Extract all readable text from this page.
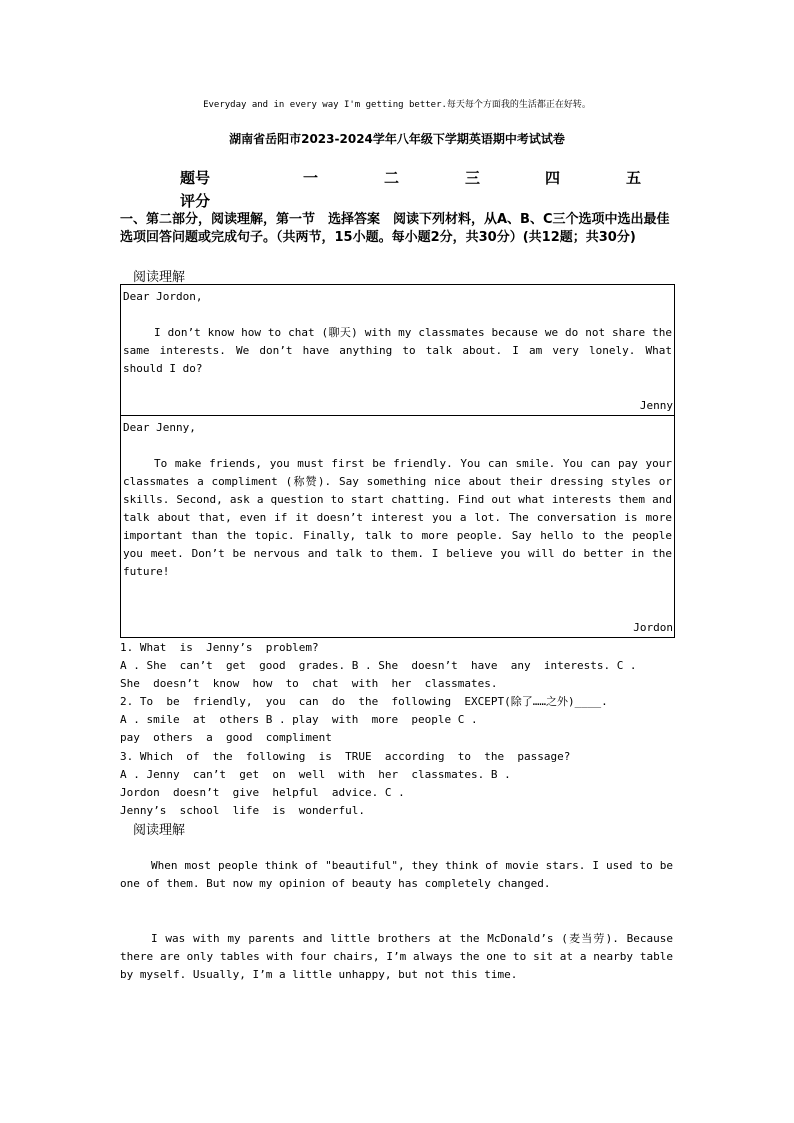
Everyday and in every way I'm getting better.每天每个方面我的生活都正在好转。
湖南省岳阳市2023-2024学年八年级下学期英语期中考试试卷
题号	一	二	三	四	五
评分
一、第二部分，阅读理解，第一节　选择答案　阅读下列材料，从A、B、C三个选项中选出最佳选项回答问题或完成句子。（共两节，15小题。每小题2分，共30分）(共12题；共30分)
阅读理解
Dear Jordon,
I don’t know how to chat (聊天) with my classmates because we do not share the same interests. We don’t have anything to talk about. I am very lonely. What should I do?
Jenny
Dear Jenny,
To make friends, you must first be friendly. You can smile. You can pay your classmates a compliment (称赞). Say something nice about their dressing styles or skills. Second, ask a question to start chatting. Find out what interests them and talk about that, even if it doesn’t interest you a lot. The conversation is more important than the topic. Finally, talk to more people. Say hello to the people you meet. Don’t be nervous and talk to them. I believe you will do better in the future!
Jordon
1. What  is  Jenny’s  problem?
A . She  can’t  get  good  grades. B . She  doesn’t  have  any  interests. C .
She  doesn’t  know  how  to  chat  with  her  classmates.
2. To  be  friendly,  you  can  do  the  following  EXCEPT(除了……之外)____.
A . smile  at  others B . play  with  more  people C .
pay  others  a  good  compliment
3. Which  of  the  following  is  TRUE  according  to  the  passage?
A . Jenny  can’t  get  on  well  with  her  classmates. B .
Jordon  doesn’t  give  helpful  advice. C .
Jenny’s  school  life  is  wonderful.
阅读理解
When most people think of "beautiful", they think of movie stars. I used to be one of them. But now my opinion of beauty has completely changed.
I was with my parents and little brothers at the McDonald’s (麦当劳). Because there are only tables with four chairs, I’m always the one to sit at a nearby table by myself. Usually, I’m a little unhappy, but not this time.
